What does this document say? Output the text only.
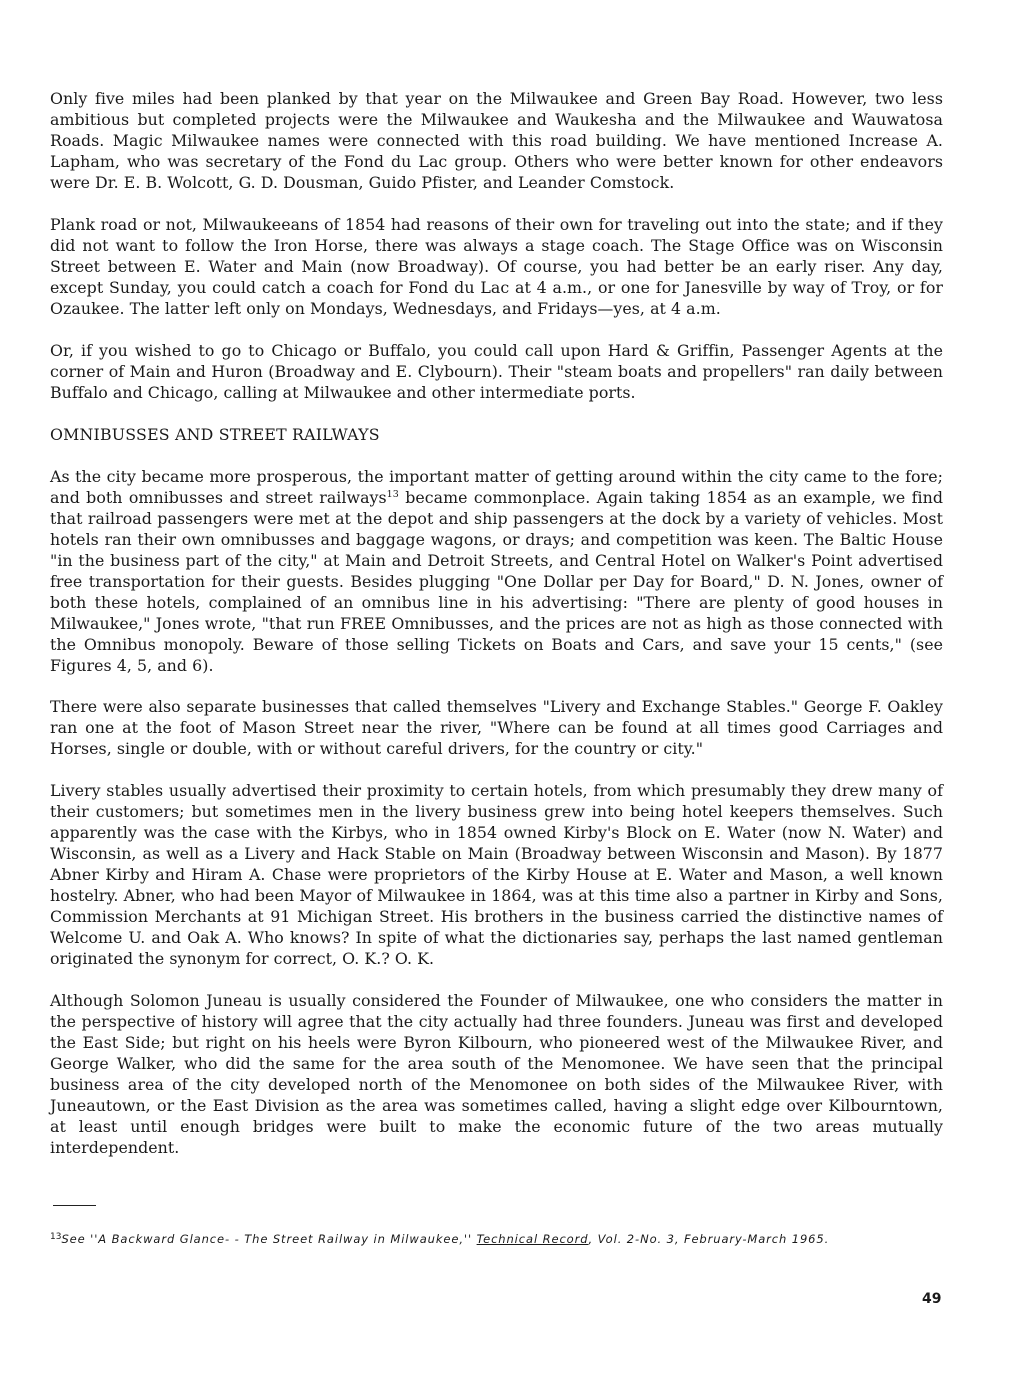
Only five miles had been planked by that year on the Milwaukee and Green Bay Road. However, two less ambitious but completed projects were the Milwaukee and Waukesha and the Milwaukee and Wauwatosa Roads. Magic Milwaukee names were connected with this road building. We have mentioned Increase A. Lapham, who was secretary of the Fond du Lac group. Others who were better known for other endeavors were Dr. E. B. Wolcott, G. D. Dousman, Guido Pfister, and Leander Comstock.

Plank road or not, Milwaukeeans of 1854 had reasons of their own for traveling out into the state; and if they did not want to follow the Iron Horse, there was always a stage coach. The Stage Office was on Wisconsin Street between E. Water and Main (now Broadway). Of course, you had better be an early riser. Any day, except Sunday, you could catch a coach for Fond du Lac at 4 a.m., or one for Janesville by way of Troy, or for Ozaukee. The latter left only on Mondays, Wednesdays, and Fridays—yes, at 4 a.m.

Or, if you wished to go to Chicago or Buffalo, you could call upon Hard & Griffin, Passenger Agents at the corner of Main and Huron (Broadway and E. Clybourn). Their "steam boats and propellers" ran daily between Buffalo and Chicago, calling at Milwaukee and other intermediate ports.

OMNIBUSSES AND STREET RAILWAYS

As the city became more prosperous, the important matter of getting around within the city came to the fore; and both omnibusses and street railways$^{13}$ became commonplace. Again taking 1854 as an example, we find that railroad passengers were met at the depot and ship passengers at the dock by a variety of vehicles. Most hotels ran their own omnibusses and baggage wagons, or drays; and competition was keen. The Baltic House "in the business part of the city," at Main and Detroit Streets, and Central Hotel on Walker's Point advertised free transportation for their guests. Besides plugging "One Dollar per Day for Board," D. N. Jones, owner of both these hotels, complained of an omnibus line in his advertising: "There are plenty of good houses in Milwaukee," Jones wrote, "that run FREE Omnibusses, and the prices are not as high as those connected with the Omnibus monopoly. Beware of those selling Tickets on Boats and Cars, and save your 15 cents," (see Figures 4, 5, and 6).

There were also separate businesses that called themselves "Livery and Exchange Stables." George F. Oakley ran one at the foot of Mason Street near the river, "Where can be found at all times good Carriages and Horses, single or double, with or without careful drivers, for the country or city."

Livery stables usually advertised their proximity to certain hotels, from which presumably they drew many of their customers; but sometimes men in the livery business grew into being hotel keepers themselves. Such apparently was the case with the Kirbys, who in 1854 owned Kirby's Block on E. Water (now N. Water) and Wisconsin, as well as a Livery and Hack Stable on Main (Broadway between Wisconsin and Mason). By 1877 Abner Kirby and Hiram A. Chase were proprietors of the Kirby House at E. Water and Mason, a well known hostelry. Abner, who had been Mayor of Milwaukee in 1864, was at this time also a partner in Kirby and Sons, Commission Merchants at 91 Michigan Street. His brothers in the business carried the distinctive names of Welcome U. and Oak A. Who knows? In spite of what the dictionaries say, perhaps the last named gentleman originated the synonym for correct, O. K.? O. K.

Although Solomon Juneau is usually considered the Founder of Milwaukee, one who considers the matter in the perspective of history will agree that the city actually had three founders. Juneau was first and developed the East Side; but right on his heels were Byron Kilbourn, who pioneered west of the Milwaukee River, and George Walker, who did the same for the area south of the Menomonee. We have seen that the principal business area of the city developed north of the Menomonee on both sides of the Milwaukee River, with Juneautown, or the East Division as the area was sometimes called, having a slight edge over Kilbourntown, at least until enough bridges were built to make the economic future of the two areas mutually interdependent.

$^{13}$See ''A Backward Glance- - The Street Railway in Milwaukee,'' Technical Record, Vol. 2-No. 3, February-March 1965.
49
